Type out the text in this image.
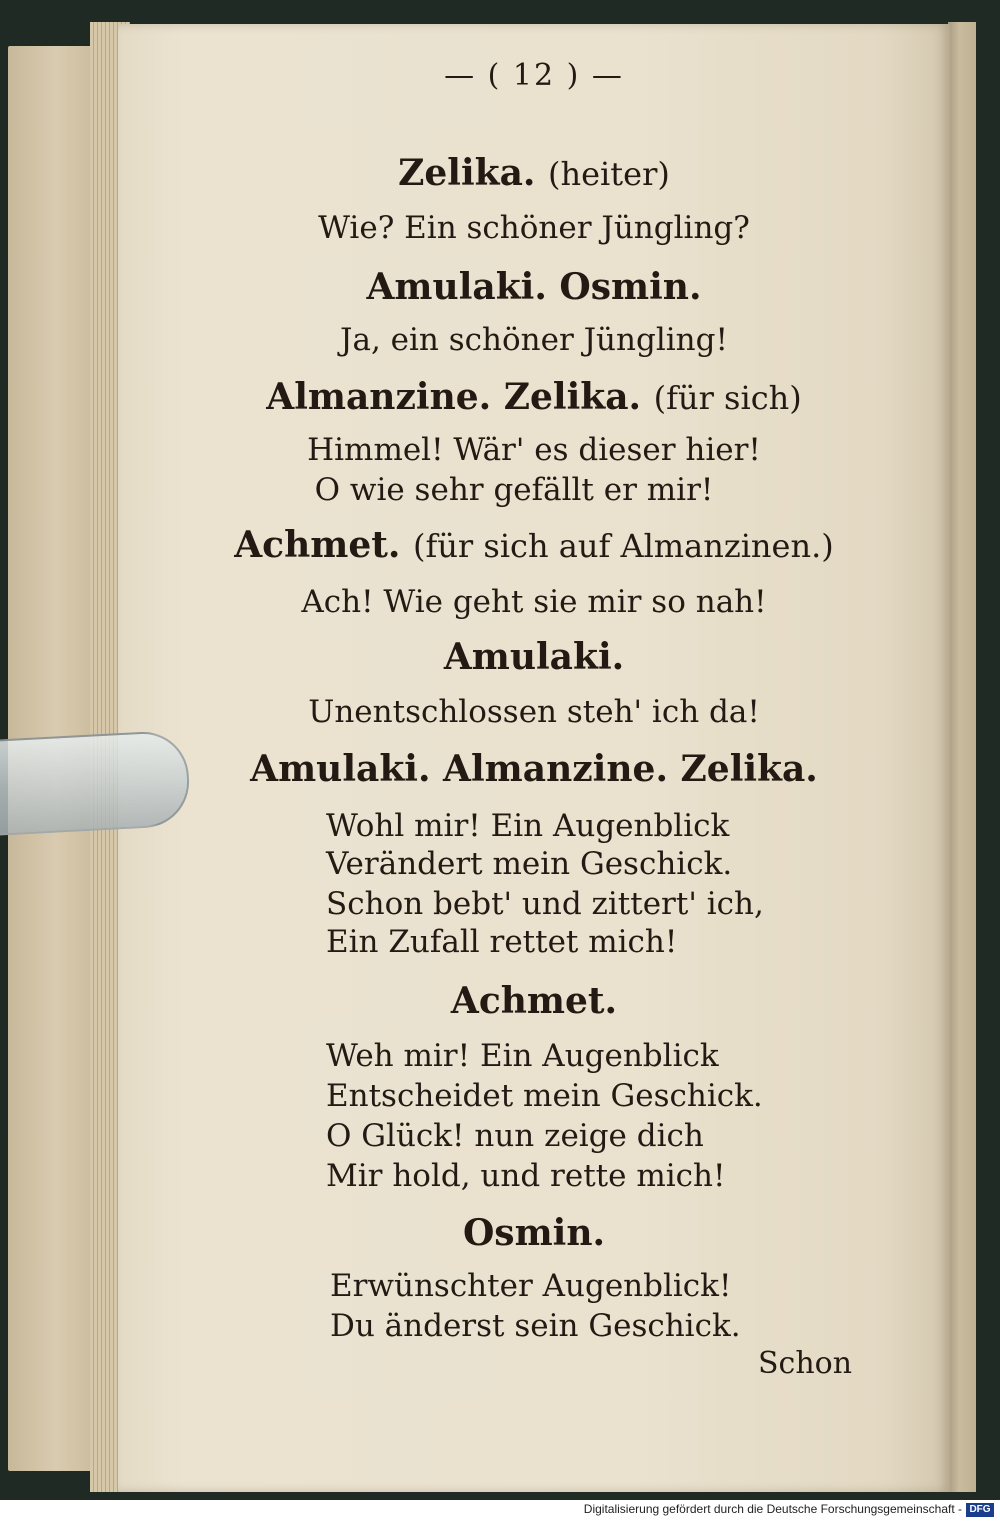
— ( 12 ) —
Zelika. (heiter)
Wie? Ein schöner Jüngling?
Amulaki. Osmin.
Ja, ein schöner Jüngling!
Almanzine. Zelika. (für sich)
Himmel! Wär' es dieser hier!
O wie sehr gefällt er mir!
Achmet. (für sich auf Almanzinen.)
Ach! Wie geht sie mir so nah!
Amulaki.
Unentschlossen steh' ich da!
Amulaki. Almanzine. Zelika.
Wohl mir! Ein Augenblick
Verändert mein Geschick.
Schon bebt' und zittert' ich,
Ein Zufall rettet mich!
Achmet.
Weh mir! Ein Augenblick
Entscheidet mein Geschick.
O Glück! nun zeige dich
Mir hold, und rette mich!
Osmin.
Erwünschter Augenblick!
Du änderst sein Geschick.
Schon
Digitalisierung gefördert durch die Deutsche Forschungsgemeinschaft - DFG
